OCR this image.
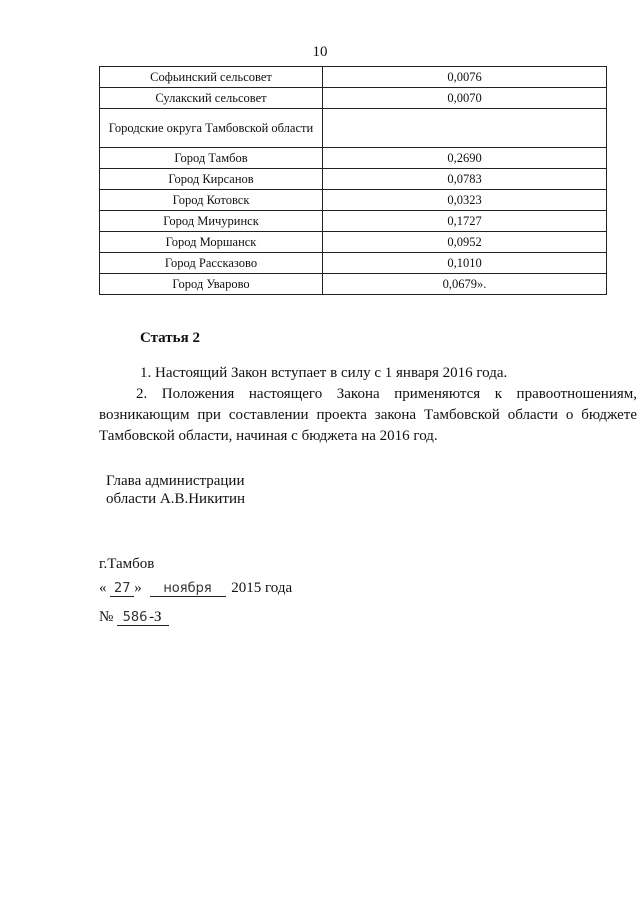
10
Софьинский сельсовет	0,0076
Сулакский сельсовет	0,0070
Городские округа Тамбовской области	
Город Тамбов	0,2690
Город Кирсанов	0,0783
Город Котовск	0,0323
Город Мичуринск	0,1727
Город Моршанск	0,0952
Город Рассказово	0,1010
Город Уварово	0,0679».
Статья 2
1. Настоящий Закон вступает в силу с 1 января 2016 года.
2. Положения настоящего Закона применяются к правоотношениям, возникающим при составлении проекта закона Тамбовской области о бюджете Тамбовской области, начиная с бюджета на 2016 год.
Глава администрации
области А.В.Никитин
г.Тамбов
« 27 » ноября 2015 года
№ 586 -З
